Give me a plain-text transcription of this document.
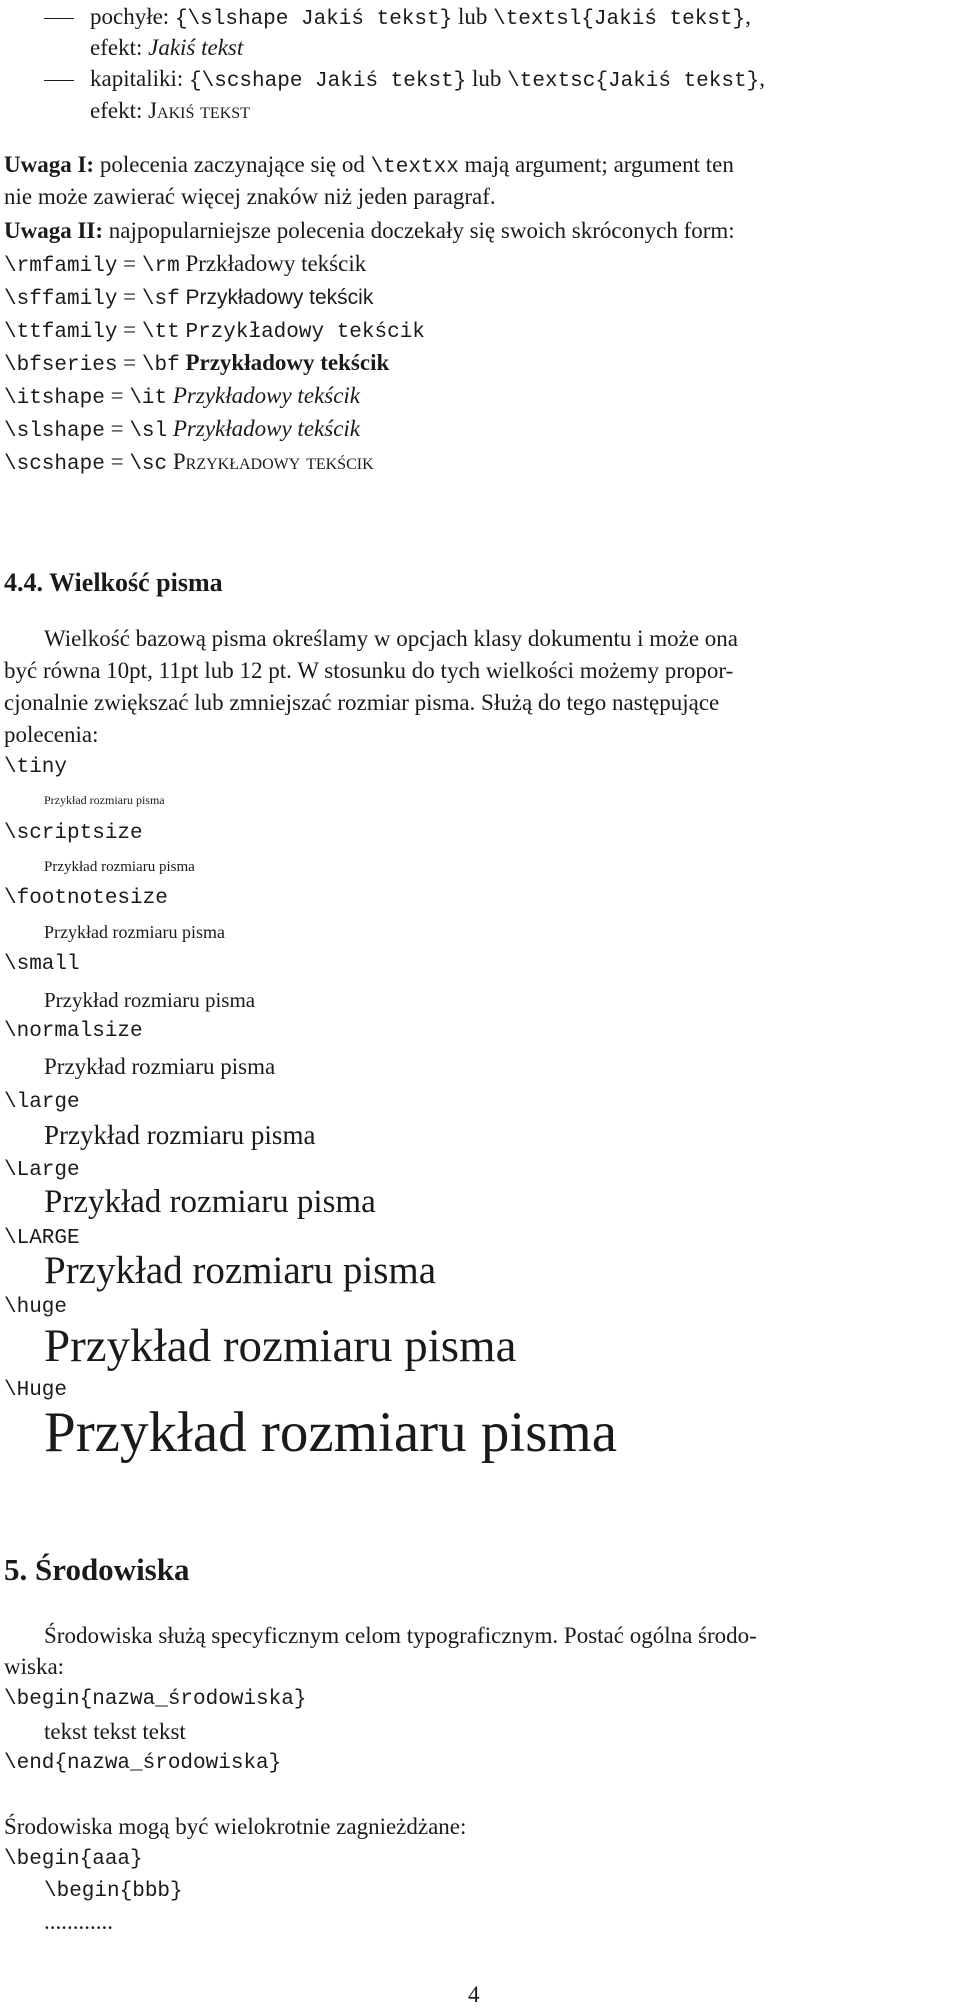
pochyłe: {\slshape Jakiś tekst} lub \textsl{Jakiś tekst},
efekt: Jakiś tekst
kapitaliki: {\scshape Jakiś tekst} lub \textsc{Jakiś tekst},
efekt: Jakiś tekst
Uwaga I: polecenia zaczynające się od \textxx mają argument; argument ten
nie może zawierać więcej znaków niż jeden paragraf.
Uwaga II: najpopularniejsze polecenia doczekały się swoich skróconych form:
\rmfamily = \rm Przkładowy tekścik
\sffamily = \sf Przykładowy tekścik
\ttfamily = \tt Przykładowy tekścik
\bfseries = \bf Przykładowy tekścik
\itshape = \it Przykładowy tekścik
\slshape = \sl Przykładowy tekścik
\scshape = \sc Przykładowy tekścik
4.4. Wielkość pisma
Wielkość bazową pisma określamy w opcjach klasy dokumentu i może ona
być równa 10pt, 11pt lub 12 pt. W stosunku do tych wielkości możemy propor-
cjonalnie zwiększać lub zmniejszać rozmiar pisma. Służą do tego następujące
polecenia:
\tiny
Przykład rozmiaru pisma
\scriptsize
Przykład rozmiaru pisma
\footnotesize
Przykład rozmiaru pisma
\small
Przykład rozmiaru pisma
\normalsize
Przykład rozmiaru pisma
\large
Przykład rozmiaru pisma
\Large
Przykład rozmiaru pisma
\LARGE
Przykład rozmiaru pisma
\huge
Przykład rozmiaru pisma
\Huge
Przykład rozmiaru pisma
5. Środowiska
Środowiska służą specyficznym celom typograficznym. Postać ogólna środo-
wiska:
\begin{nazwa_środowiska}
tekst tekst tekst
\end{nazwa_środowiska}
Środowiska mogą być wielokrotnie zagnieżdżane:
\begin{aaa}
\begin{bbb}
............
4
